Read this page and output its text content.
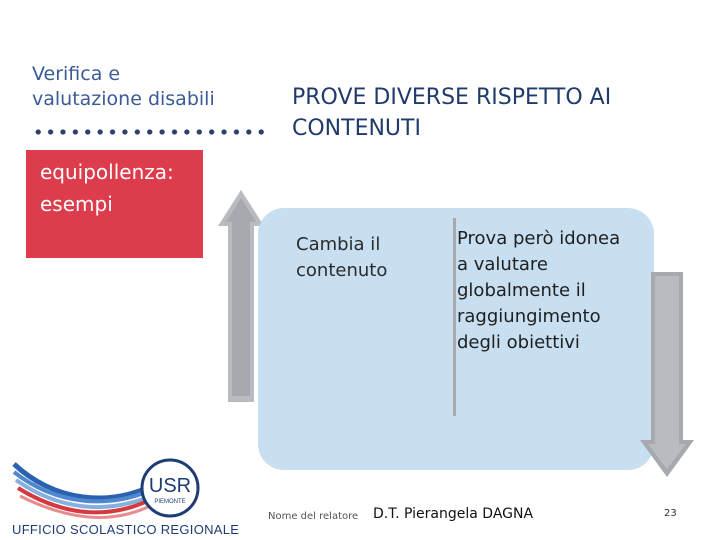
Verifica e
valutazione disabili	PROVE DIVERSE RISPETTO AI
CONTENUTI
equipollenza:
esempi
Cambia il
contenuto
Prova però idonea
a valutare
globalmente il
raggiungimento
degli obiettivi
USR
PIEMONTE
UFFICIO SCOLASTICO REGIONALE
Nome del relatore D.T. Pierangela DAGNA	23
